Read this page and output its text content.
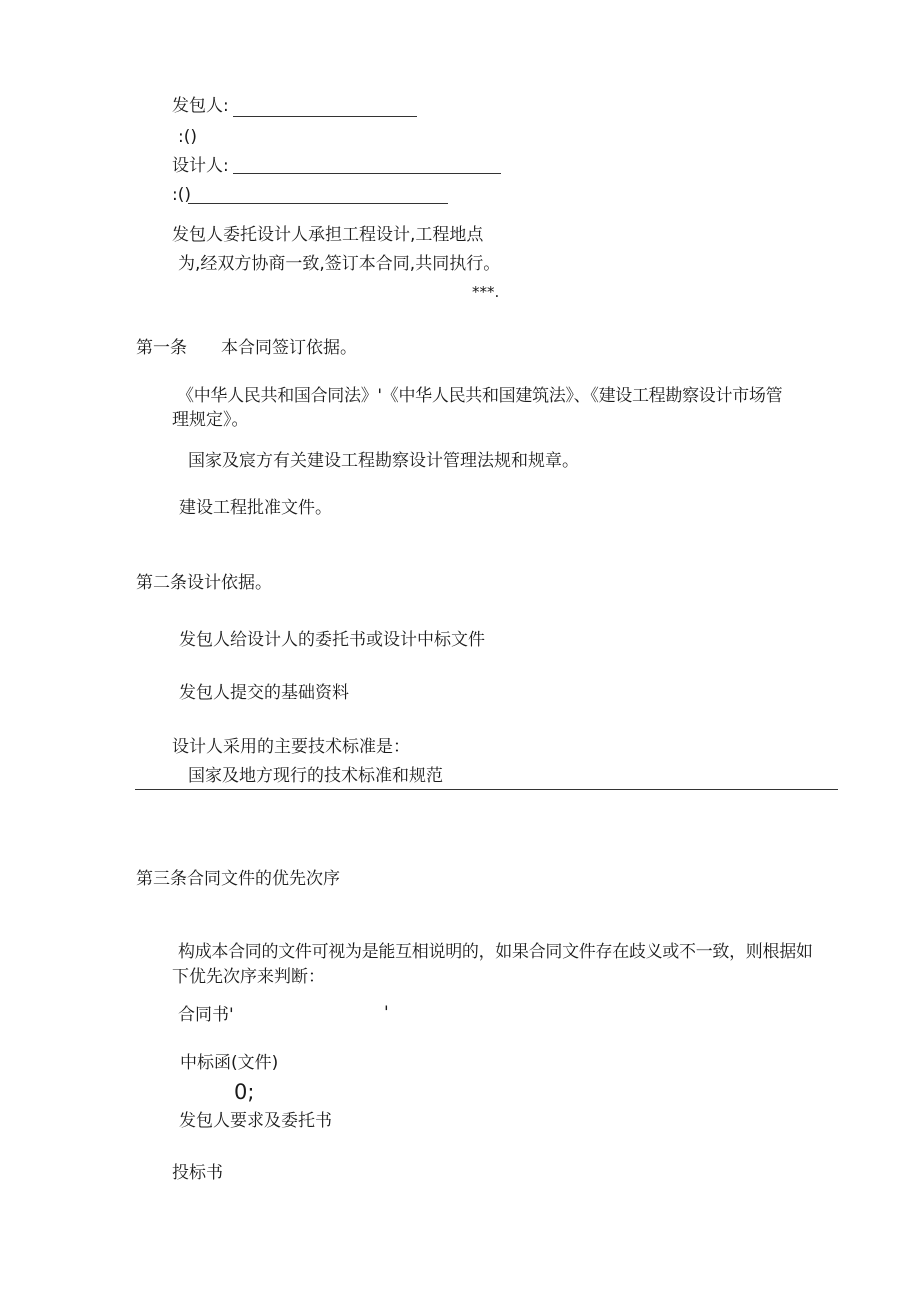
发包人:
:()
设计人:
:()
发包人委托设计人承担工程设计,工程地点
为,经双方协商一致,签订本合同,共同执行。
***.
第一条　　本合同签订依据。
《中华人民共和国合同法》'《中华人民共和国建筑法》、《建设工程勘察设计市场管
理规定》。
国家及宸方有关建设工程勘察设计管理法规和规章。
建设工程批准文件。
第二条设计依据。
发包人给设计人的委托书或设计中标文件
发包人提交的基础资料
设计人采用的主要技术标准是：
国家及地方现行的技术标准和规范
第三条合同文件的优先次序
构成本合同的文件可视为是能互相说明的，如果合同文件存在歧义或不一致，则根据如
下优先次序来判断：
合同书'	'
中标函(文件)
0;
发包人要求及委托书
投标书
